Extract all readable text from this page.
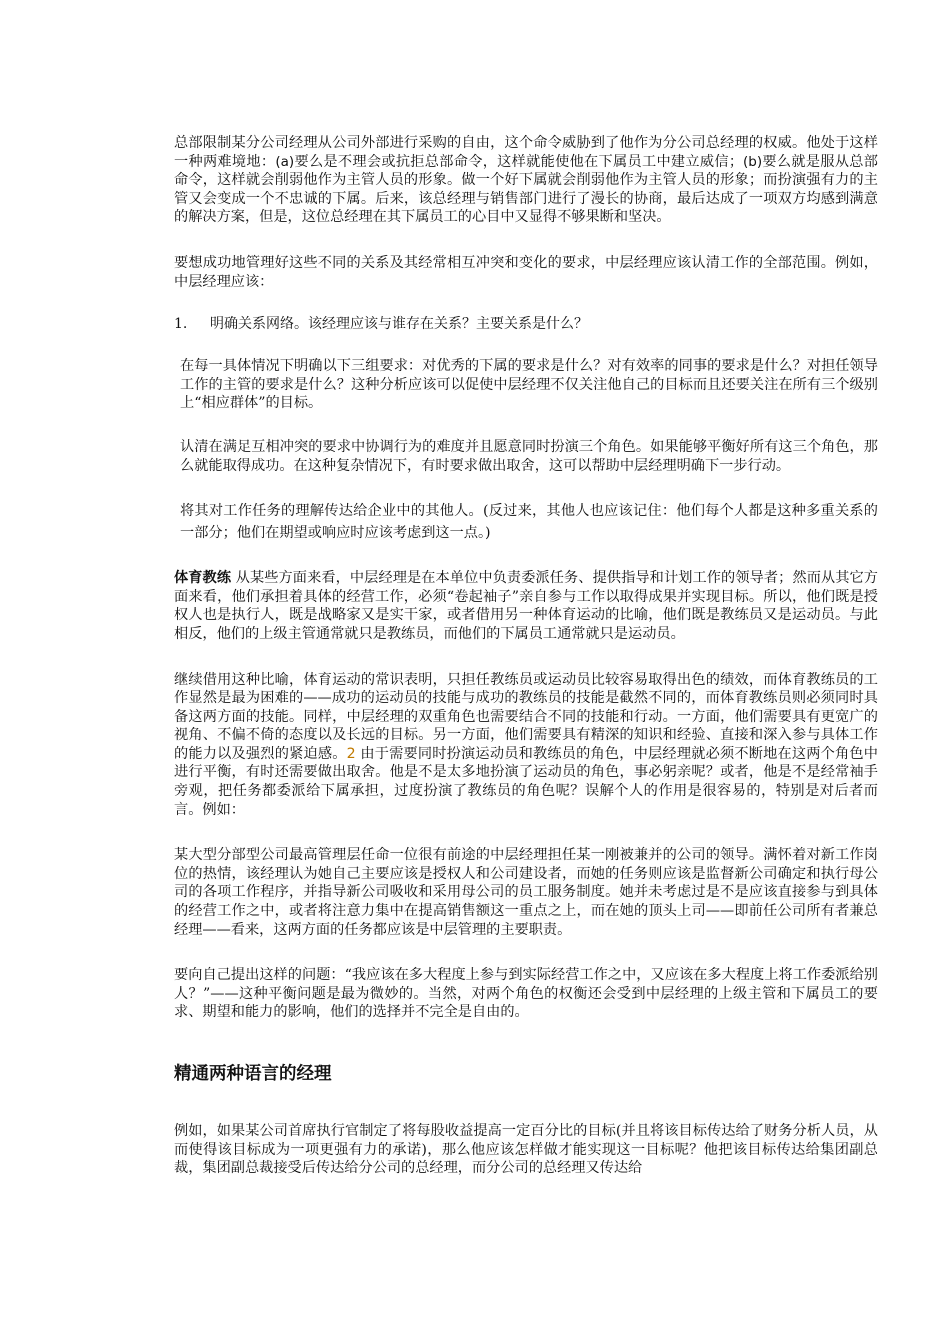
总部限制某分公司经理从公司外部进行采购的自由，这个命令威胁到了他作为分公司总经理的权威。他处于这样一种两难境地：(a)要么是不理会或抗拒总部命令，这样就能使他在下属员工中建立威信；(b)要么就是服从总部命令，这样就会削弱他作为主管人员的形象。做一个好下属就会削弱他作为主管人员的形象；而扮演强有力的主管又会变成一个不忠诚的下属。后来，该总经理与销售部门进行了漫长的协商，最后达成了一项双方均感到满意的解决方案，但是，这位总经理在其下属员工的心目中又显得不够果断和坚决。

要想成功地管理好这些不同的关系及其经常相互冲突和变化的要求，中层经理应该认清工作的全部范围。例如，中层经理应该：

1. 明确关系网络。该经理应该与谁存在关系？主要关系是什么？

在每一具体情况下明确以下三组要求：对优秀的下属的要求是什么？对有效率的同事的要求是什么？对担任领导工作的主管的要求是什么？这种分析应该可以促使中层经理不仅关注他自己的目标而且还要关注在所有三个级别上“相应群体”的目标。

认清在满足互相冲突的要求中协调行为的难度并且愿意同时扮演三个角色。如果能够平衡好所有这三个角色，那么就能取得成功。在这种复杂情况下，有时要求做出取舍，这可以帮助中层经理明确下一步行动。

将其对工作任务的理解传达给企业中的其他人。(反过来，其他人也应该记住：他们每个人都是这种多重关系的一部分；他们在期望或响应时应该考虑到这一点。)

体育教练 从某些方面来看，中层经理是在本单位中负责委派任务、提供指导和计划工作的领导者；然而从其它方面来看，他们承担着具体的经营工作，必须“卷起袖子”亲自参与工作以取得成果并实现目标。所以，他们既是授权人也是执行人，既是战略家又是实干家，或者借用另一种体育运动的比喻，他们既是教练员又是运动员。与此相反，他们的上级主管通常就只是教练员，而他们的下属员工通常就只是运动员。

继续借用这种比喻，体育运动的常识表明，只担任教练员或运动员比较容易取得出色的绩效，而体育教练员的工作显然是最为困难的——成功的运动员的技能与成功的教练员的技能是截然不同的，而体育教练员则必须同时具备这两方面的技能。同样，中层经理的双重角色也需要结合不同的技能和行动。一方面，他们需要具有更宽广的视角、不偏不倚的态度以及长远的目标。另一方面，他们需要具有精深的知识和经验、直接和深入参与具体工作的能力以及强烈的紧迫感。2 由于需要同时扮演运动员和教练员的角色，中层经理就必须不断地在这两个角色中进行平衡，有时还需要做出取舍。他是不是太多地扮演了运动员的角色，事必躬亲呢？或者，他是不是经常袖手旁观，把任务都委派给下属承担，过度扮演了教练员的角色呢？误解个人的作用是很容易的，特别是对后者而言。例如：

某大型分部型公司最高管理层任命一位很有前途的中层经理担任某一刚被兼并的公司的领导。满怀着对新工作岗位的热情，该经理认为她自己主要应该是授权人和公司建设者，而她的任务则应该是监督新公司确定和执行母公司的各项工作程序，并指导新公司吸收和采用母公司的员工服务制度。她并未考虑过是不是应该直接参与到具体的经营工作之中，或者将注意力集中在提高销售额这一重点之上，而在她的顶头上司——即前任公司所有者兼总经理——看来，这两方面的任务都应该是中层管理的主要职责。

要向自己提出这样的问题：“我应该在多大程度上参与到实际经营工作之中，又应该在多大程度上将工作委派给别人？”——这种平衡问题是最为微妙的。当然，对两个角色的权衡还会受到中层经理的上级主管和下属员工的要求、期望和能力的影响，他们的选择并不完全是自由的。

精通两种语言的经理

例如，如果某公司首席执行官制定了将每股收益提高一定百分比的目标(并且将该目标传达给了财务分析人员，从而使得该目标成为一项更强有力的承诺)，那么他应该怎样做才能实现这一目标呢？他把该目标传达给集团副总裁，集团副总裁接受后传达给分公司的总经理，而分公司的总经理又传达给
